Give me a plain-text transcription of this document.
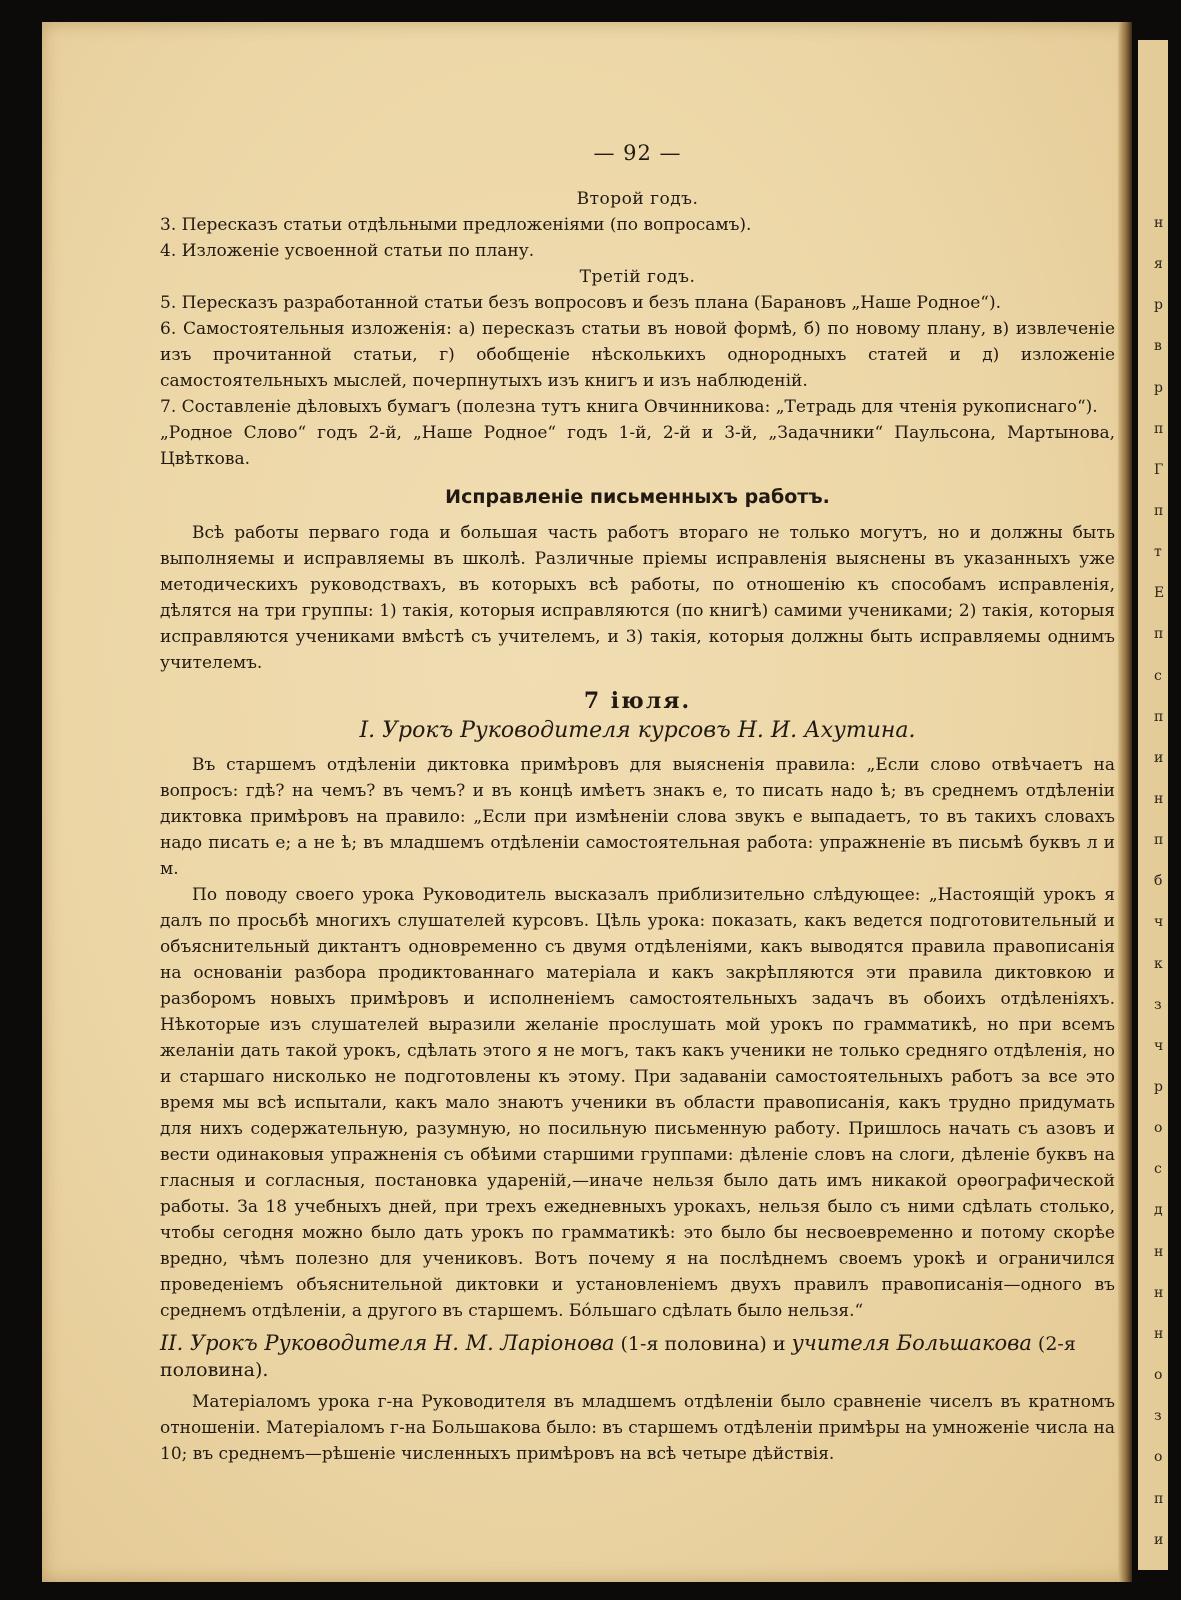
н
я
р
в
р
п
Г
п
т
Е
п
с
п
и
н
п
б
ч
к
з
ч
р
о
с
д
н
н
н
о
з
о
п
и

— 92 —

Второй годъ.

3. Пересказъ статьи отдѣльными предложеніями (по вопросамъ).

4. Изложеніе усвоенной статьи по плану.

Третій годъ.

5. Пересказъ разработанной статьи безъ вопросовъ и безъ плана (Барановъ „Наше Родное“).

6. Самостоятельныя изложенія: а) пересказъ статьи въ новой формѣ, б) по новому плану, в) извлеченіе изъ прочитанной статьи, г) обобщеніе нѣсколькихъ однородныхъ статей и д) изложеніе самостоятельныхъ мыслей, почерпнутыхъ изъ книгъ и изъ наблюденій.

7. Составленіе дѣловыхъ бумагъ (полезна тутъ книга Овчинникова: „Тетрадь для чтенія рукописнаго“).

„Родное Слово“ годъ 2-й, „Наше Родное“ годъ 1-й, 2-й и 3-й, „Задачники“ Паульсона, Мартынова, Цвѣткова.

Исправленіе письменныхъ работъ.

Всѣ работы перваго года и большая часть работъ втораго не только могутъ, но и должны быть выполняемы и исправляемы въ школѣ. Различные пріемы исправленія выяснены въ указанныхъ уже методическихъ руководствахъ, въ которыхъ всѣ работы, по отношенію къ способамъ исправленія, дѣлятся на три группы: 1) такія, которыя исправляются (по книгѣ) самими учениками; 2) такія, которыя исправляются учениками вмѣстѣ съ учителемъ, и 3) такія, которыя должны быть исправляемы однимъ учителемъ.

7 іюля.

I. Урокъ Руководителя курсовъ Н. И. Ахутина.

Въ старшемъ отдѣленіи диктовка примѣровъ для выясненія правила: „Если слово отвѣчаетъ на вопросъ: гдѣ? на чемъ? въ чемъ? и въ концѣ имѣетъ знакъ е, то писать надо ѣ; въ среднемъ отдѣленіи диктовка примѣровъ на правило: „Если при измѣненіи слова звукъ е выпадаетъ, то въ такихъ словахъ надо писать е; а не ѣ; въ младшемъ отдѣленіи самостоятельная работа: упражненіе въ письмѣ буквъ л и м.

По поводу своего урока Руководитель высказалъ приблизительно слѣдующее: „Настоящій урокъ я далъ по просьбѣ многихъ слушателей курсовъ. Цѣль урока: показать, какъ ведется подготовительный и объяснительный диктантъ одновременно съ двумя отдѣленіями, какъ выводятся правила правописанія на основаніи разбора продиктованнаго матеріала и какъ закрѣпляются эти правила диктовкою и разборомъ новыхъ примѣровъ и исполненіемъ самостоятельныхъ задачъ въ обоихъ отдѣленіяхъ. Нѣкоторые изъ слушателей выразили желаніе прослушать мой урокъ по грамматикѣ, но при всемъ желаніи дать такой урокъ, сдѣлать этого я не могъ, такъ какъ ученики не только средняго отдѣленія, но и старшаго нисколько не подготовлены къ этому. При задаваніи самостоятельныхъ работъ за все это время мы всѣ испытали, какъ мало знаютъ ученики въ области правописанія, какъ трудно придумать для нихъ содержательную, разумную, но посильную письменную работу. Пришлось начать съ азовъ и вести одинаковыя упражненія съ обѣими старшими группами: дѣленіе словъ на слоги, дѣленіе буквъ на гласныя и согласныя, постановка удареній,—иначе нельзя было дать имъ никакой орѳографической работы. За 18 учебныхъ дней, при трехъ ежедневныхъ урокахъ, нельзя было съ ними сдѣлать столько, чтобы сегодня можно было дать урокъ по грамматикѣ: это было бы несвоевременно и потому скорѣе вредно, чѣмъ полезно для учениковъ. Вотъ почему я на послѣднемъ своемъ урокѣ и ограничился проведеніемъ объяснительной диктовки и установленіемъ двухъ правилъ правописанія—одного въ среднемъ отдѣленіи, а другого въ старшемъ. Бо́льшаго сдѣлать было нельзя.“

II. Урокъ Руководителя Н. М. Ларіонова (1-я половина) и учителя Большакова (2-я половина).

Матеріаломъ урока г-на Руководителя въ младшемъ отдѣленіи было сравненіе чиселъ въ кратномъ отношеніи. Матеріаломъ г-на Большакова было: въ старшемъ отдѣленіи примѣры на умноженіе числа на 10; въ среднемъ—рѣшеніе численныхъ примѣровъ на всѣ четыре дѣйствія.
